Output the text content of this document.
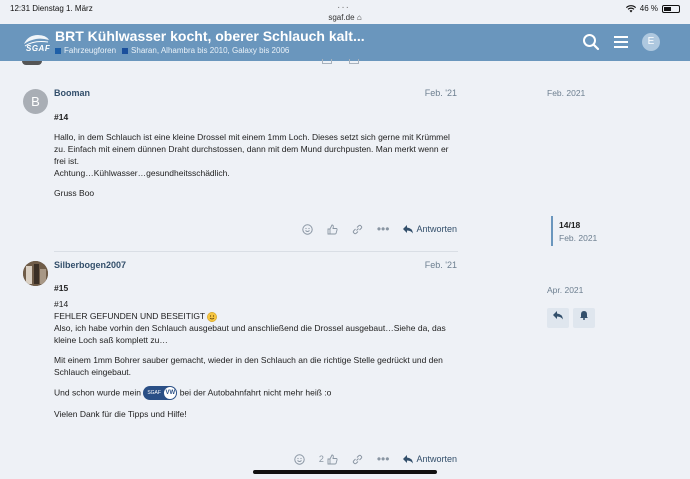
12:31 Dienstag 1. März	···
sgaf.de ⌂
46 %
SGAF
BRT Kühlwasser kocht, oberer Schlauch kalt...
Fahrzeugforen	Sharan, Alhambra bis 2010, Galaxy bis 2006
E
B
Booman	Feb. '21
#14

Hallo, in dem Schlauch ist eine kleine Drossel mit einem 1mm Loch. Dieses setzt sich gerne mit Krümmel zu. Einfach mit einem dünnen Draht durchstossen, dann mit dem Mund durchpusten. Man merkt wenn er frei ist.
Achtung…Kühlwasser…gesundheitsschädlich.

Gruss Boo

•••	Antworten
Silberbogen2007	Feb. '21
#15

#14
FEHLER GEFUNDEN UND BESEITIGT
Also, ich habe vorhin den Schlauch ausgebaut und anschließend die Drossel ausgebaut…Siehe da, das kleine Loch saß komplett zu…

Mit einem 1mm Bohrer sauber gemacht, wieder in den Schlauch an die richtige Stelle gedrückt und den Schlauch eingebaut.

Und schon wurde mein SGAF VW bei der Autobahnfahrt nicht mehr heiß :o

Vielen Dank für die Tipps und Hilfe!

2	•••	Antworten
Feb. 2021
14/18
Feb. 2021
Apr. 2021
